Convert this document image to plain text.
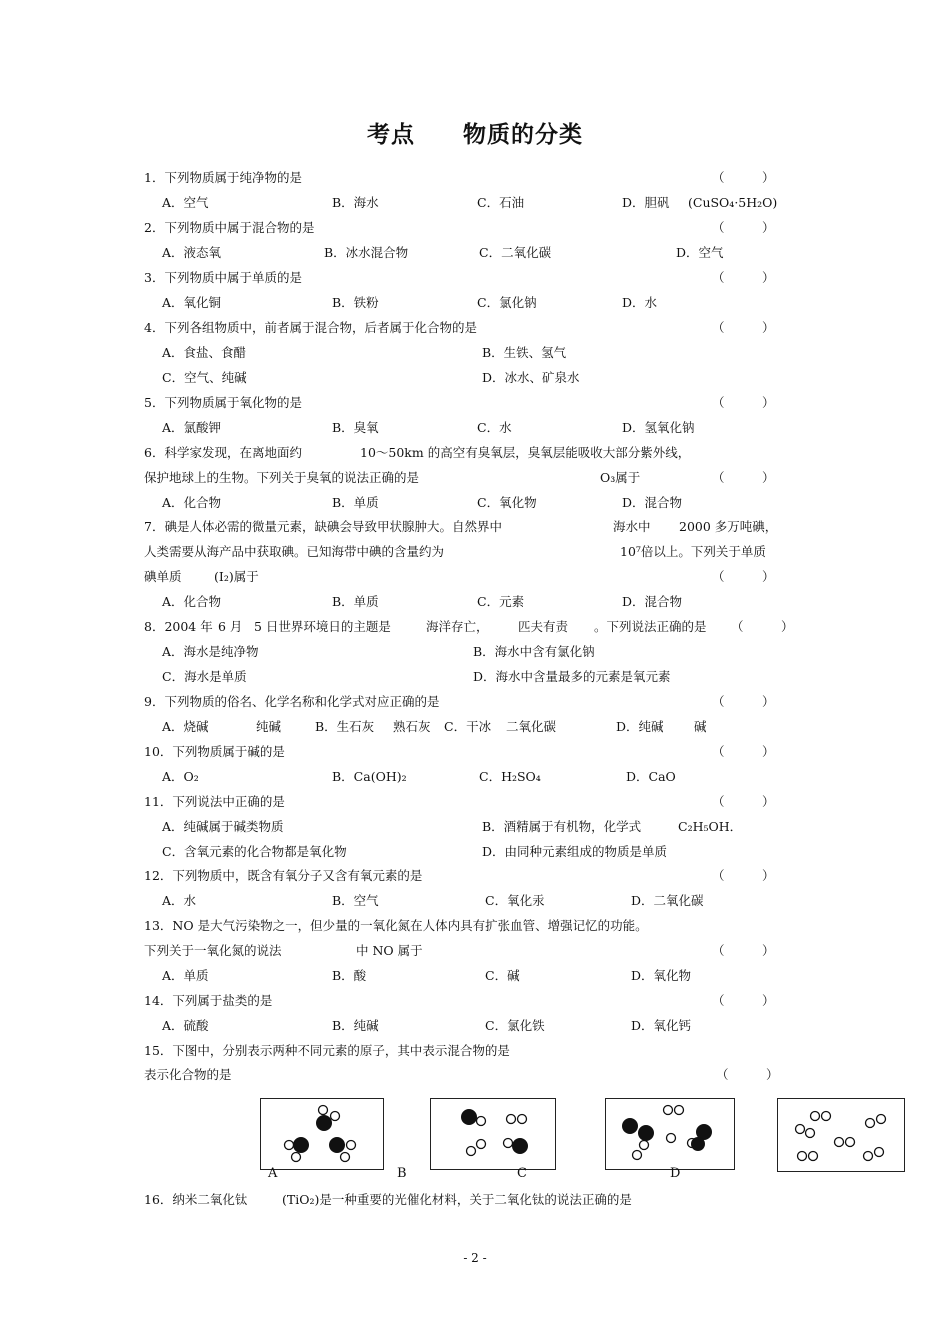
考点　　物质的分类
1．下列物质属于纯净物的是	（　　　）
A．空气	B．海水	C．石油	D．胆矾 (CuSO₄·5H₂O)
2．下列物质中属于混合物的是	（　　　）
A．液态氧	B．冰水混合物	C．二氧化碳	D．空气
3．下列物质中属于单质的是	（　　　）
A．氧化铜	B．铁粉	C．氯化钠	D．水
4．下列各组物质中，前者属于混合物，后者属于化合物的是	（　　　）
A．食盐、食醋	B．生铁、氢气
C．空气、纯碱	D．冰水、矿泉水
5．下列物质属于氧化物的是	（　　　）
A．氯酸钾	B．臭氧	C．水	D．氢氧化钠
6．科学家发现，在离地面约	10～50km 的高空有臭氧层，臭氧层能吸收大部分紫外线，
保护地球上的生物。下列关于臭氧的说法正确的是	O₃属于	（　　　）
A．化合物	B．单质	C．氧化物	D．混合物
7．碘是人体必需的微量元素，缺碘会导致甲状腺肿大。自然界中	海水中 2000 多万吨碘，
人类需要从海产品中获取碘。已知海带中碘的含量约为	10⁷倍以上。下列关于单质
碘单质	(I₂)属于	（　　　）
A．化合物	B．单质	C．元素	D．混合物
8．2004 年 6 月 5 日世界环境日的主题是	海洋存亡， 匹夫有责 。下列说法正确的是 （　　　）
A．海水是纯净物	B．海水中含有氯化钠
C．海水是单质	D．海水中含量最多的元素是氧元素
9．下列物质的俗名、化学名称和化学式对应正确的是	（　　　）
A．烧碱	纯碱	B．生石灰 熟石灰 C．干冰 二氧化碳	D．纯碱 碱
10．下列物质属于碱的是	（　　　）
A．O₂	B．Ca(OH)₂	C．H₂SO₄	D．CaO
11．下列说法中正确的是	（　　　）
A．纯碱属于碱类物质	B．酒精属于有机物，化学式	C₂H₅OH．
C．含氧元素的化合物都是氧化物	D．由同种元素组成的物质是单质
12．下列物质中，既含有氧分子又含有氧元素的是	（　　　）
A．水	B．空气	C．氧化汞	D．二氧化碳
13．NO 是大气污染物之一，但少量的一氧化氮在人体内具有扩张血管、增强记忆的功能。
下列关于一氧化氮的说法	中 NO 属于	（　　　）
A．单质	B．酸	C．碱	D．氧化物
14．下列属于盐类的是	（　　　）
A．硫酸	B．纯碱	C．氯化铁	D．氧化钙
15．下图中，分别表示两种不同元素的原子，其中表示混合物的是
表示化合物的是	（　　　）
A	B	C	D
16．纳米二氧化钛	(TiO₂)是一种重要的光催化材料，关于二氧化钛的说法正确的是
- 2 -
